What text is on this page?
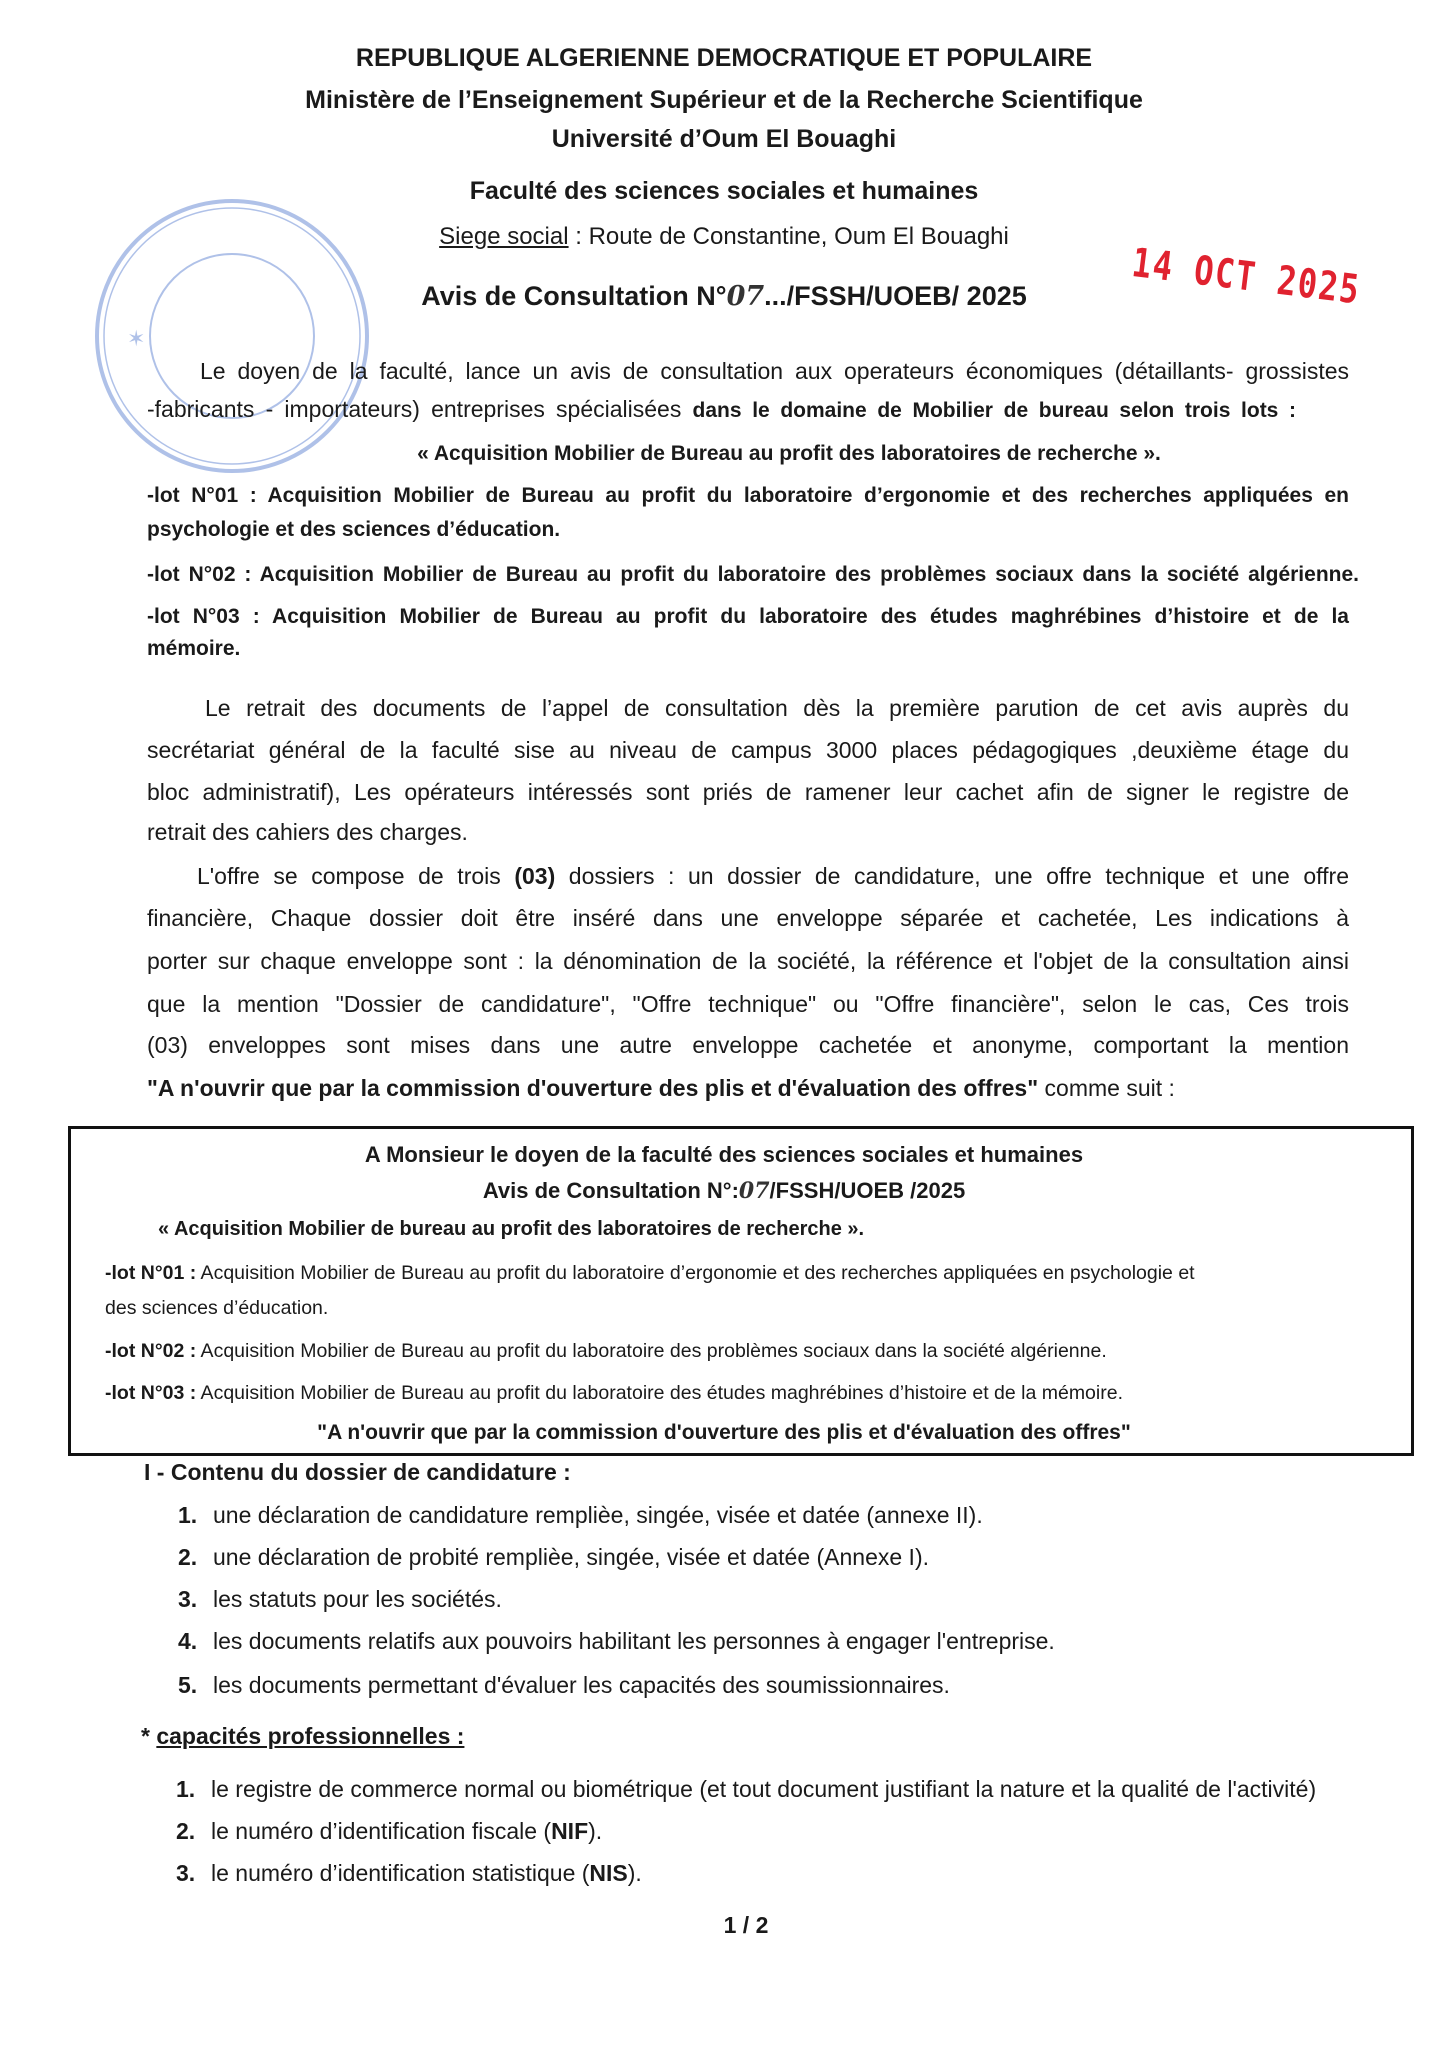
REPUBLIQUE ALGERIENNE DEMOCRATIQUE ET POPULAIRE
Ministère de l’Enseignement Supérieur et de la Recherche Scientifique
Université d’Oum El Bouaghi
Faculté des sciences sociales et humaines
Siege social : Route de Constantine, Oum El Bouaghi
Avis de Consultation N°07.../FSSH/UOEB/ 2025	14 OCT 2025
✶
Le doyen de la faculté, lance un avis de consultation aux operateurs économiques (détaillants- grossistes
-fabricants - importateurs) entreprises spécialisées dans le domaine de Mobilier de bureau selon trois lots :
« Acquisition Mobilier de Bureau au profit des laboratoires de recherche ».
-lot N°01 : Acquisition Mobilier de Bureau au profit du laboratoire d’ergonomie et des recherches appliquées en
psychologie et des sciences d’éducation.
-lot N°02 : Acquisition Mobilier de Bureau au profit du laboratoire des problèmes sociaux dans la société algérienne.
-lot N°03 : Acquisition Mobilier de Bureau au profit du laboratoire des études maghrébines d’histoire et de la
mémoire.
Le retrait des documents de l’appel de consultation dès la première parution de cet avis auprès du
secrétariat général de la faculté sise au niveau de campus 3000 places pédagogiques ,deuxième étage du
bloc administratif), Les opérateurs intéressés sont priés de ramener leur cachet afin de signer le registre de
retrait des cahiers des charges.
L'offre se compose de trois (03) dossiers : un dossier de candidature, une offre technique et une offre
financière, Chaque dossier doit être inséré dans une enveloppe séparée et cachetée, Les indications à
porter sur chaque enveloppe sont : la dénomination de la société, la référence et l'objet de la consultation ainsi
que la mention "Dossier de candidature", "Offre technique" ou "Offre financière", selon le cas, Ces trois
(03) enveloppes sont mises dans une autre enveloppe cachetée et anonyme, comportant la mention
"A n'ouvrir que par la commission d'ouverture des plis et d'évaluation des offres" comme suit :
A Monsieur le doyen de la faculté des sciences sociales et humaines
Avis de Consultation N°:07/FSSH/UOEB /2025
« Acquisition Mobilier de bureau au profit des laboratoires de recherche ».
-lot N°01 : Acquisition Mobilier de Bureau au profit du laboratoire d’ergonomie et des recherches appliquées en psychologie et
des sciences d’éducation.
-lot N°02 : Acquisition Mobilier de Bureau au profit du laboratoire des problèmes sociaux dans la société algérienne.
-lot N°03 : Acquisition Mobilier de Bureau au profit du laboratoire des études maghrébines d’histoire et de la mémoire.
"A n'ouvrir que par la commission d'ouverture des plis et d'évaluation des offres"
I - Contenu du dossier de candidature :
1. une déclaration de candidature remplièe, singée, visée et datée (annexe II).
2. une déclaration de probité remplièe, singée, visée et datée (Annexe I).
3. les statuts pour les sociétés.
4. les documents relatifs aux pouvoirs habilitant les personnes à engager l'entreprise.
5. les documents permettant d'évaluer les capacités des soumissionnaires.
* capacités professionnelles :
1. le registre de commerce normal ou biométrique (et tout document justifiant la nature et la qualité de l'activité)
2. le numéro d’identification fiscale (NIF).
3. le numéro d’identification statistique (NIS).
1 / 2
